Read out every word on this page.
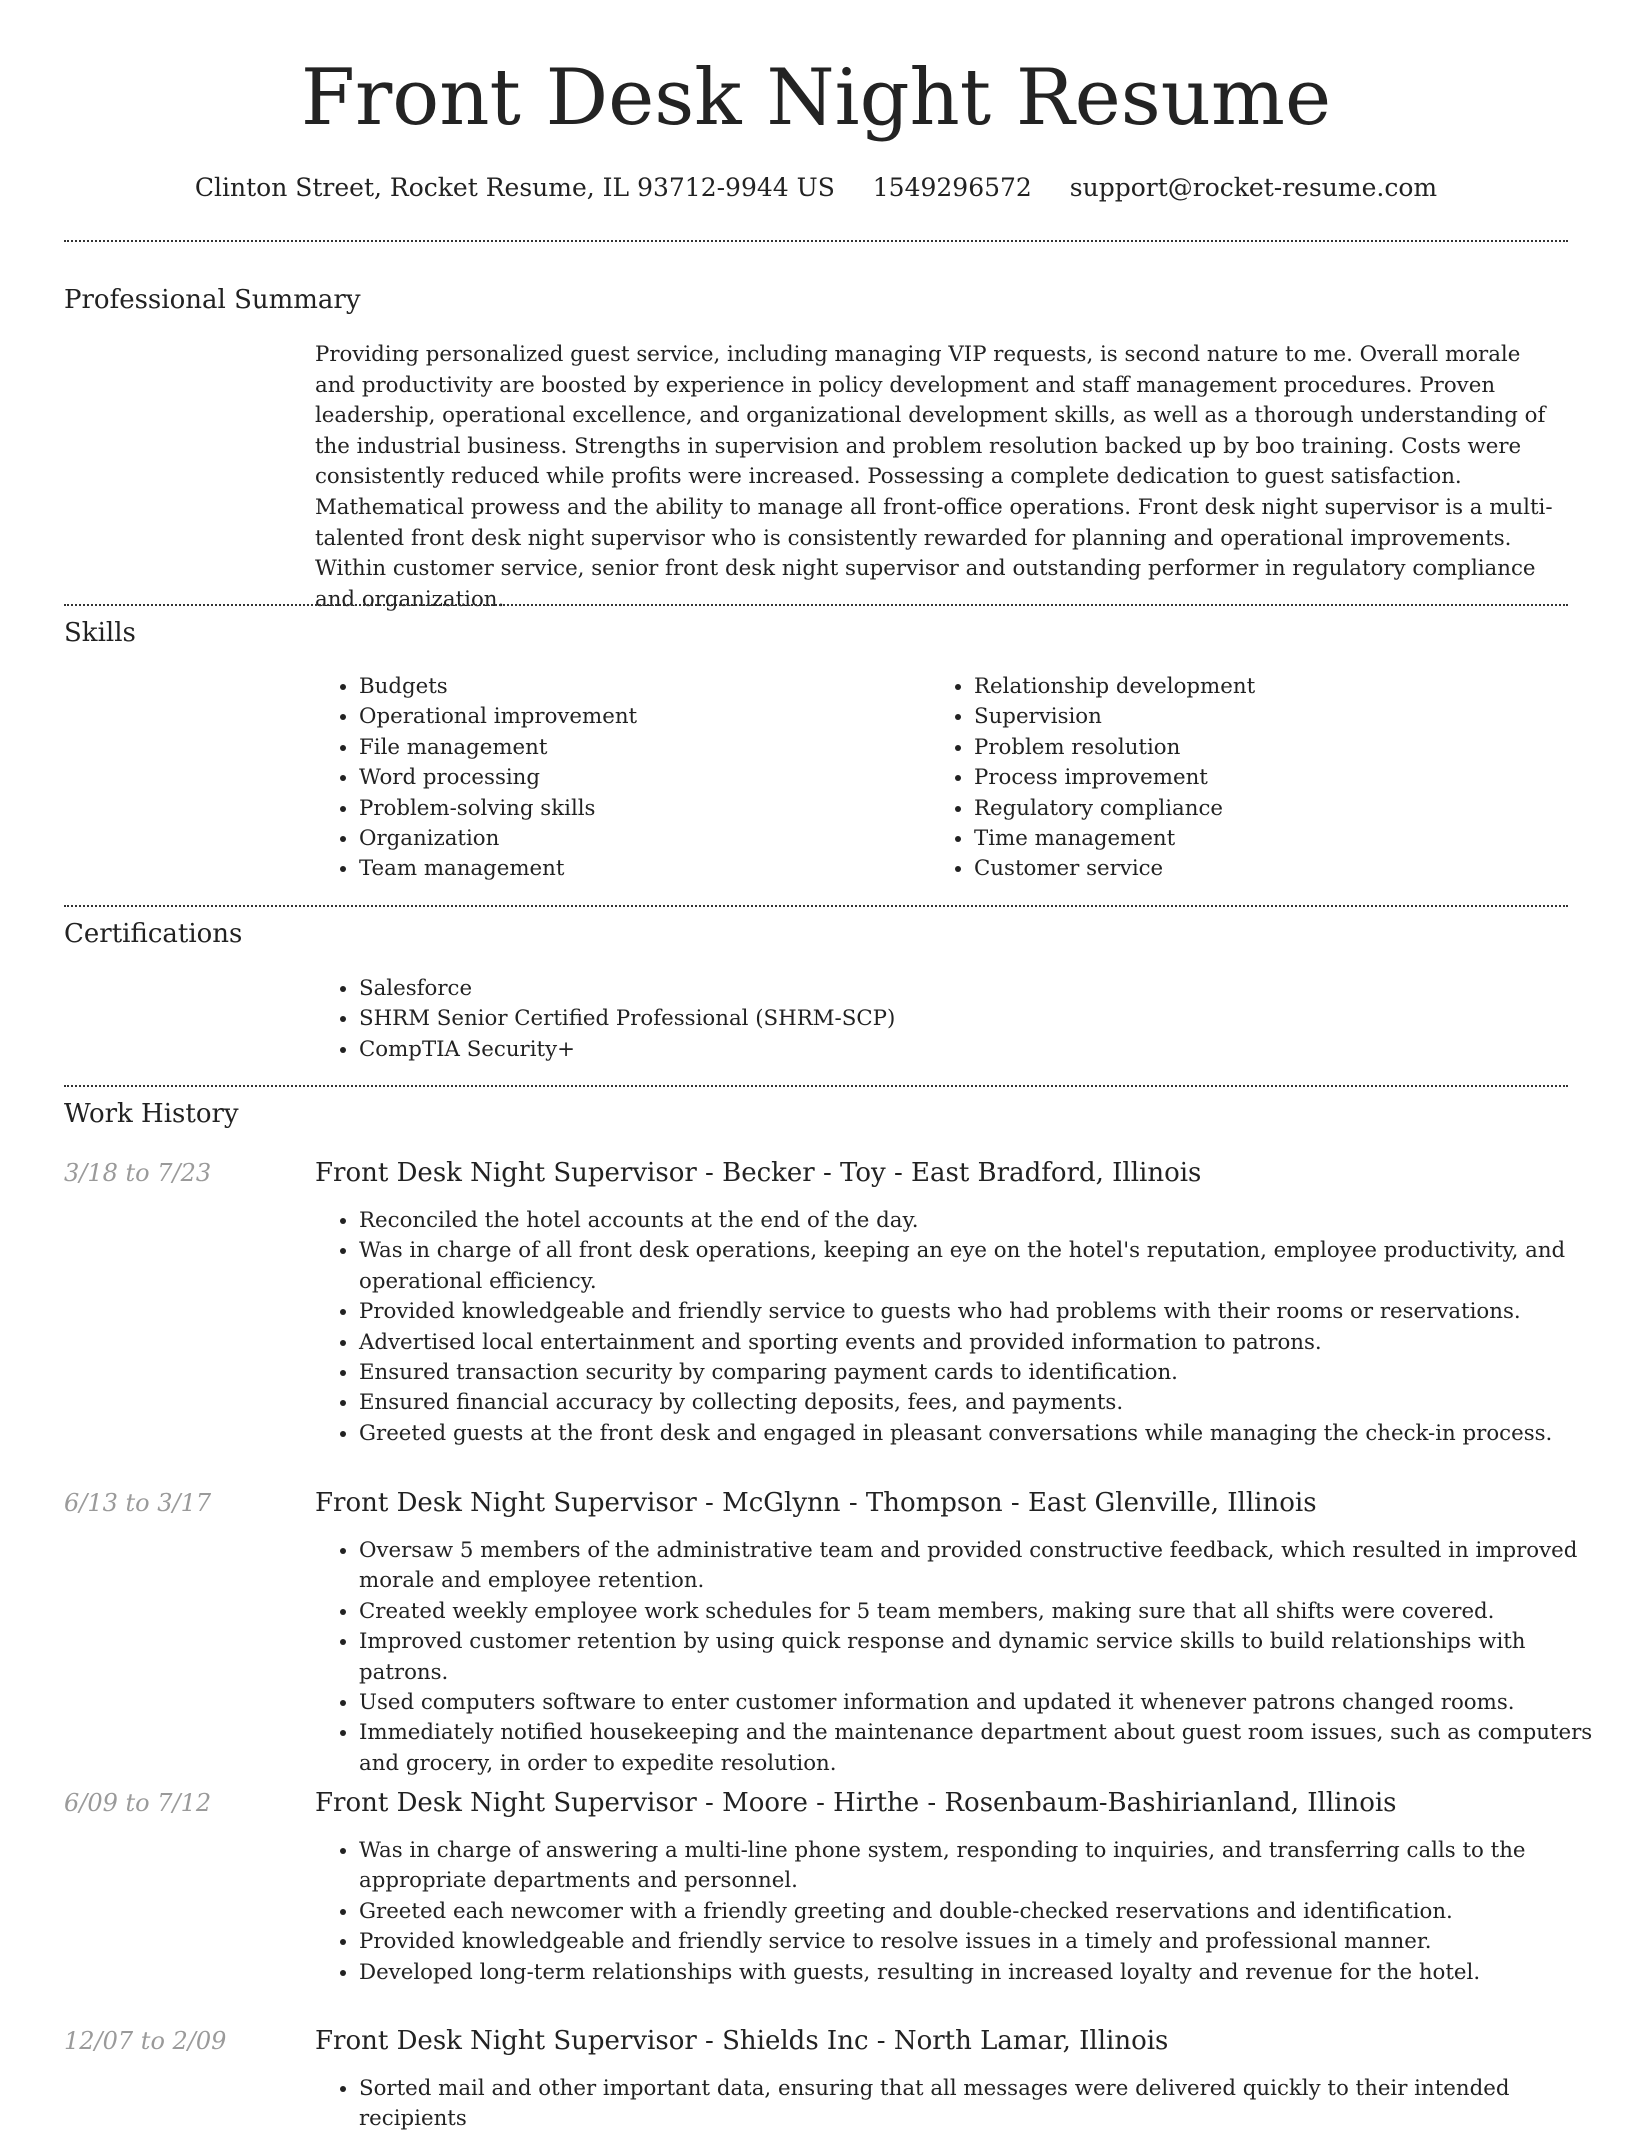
Front Desk Night Resume
Clinton Street, Rocket Resume, IL 93712-9944 US 1549296572 support@rocket-resume.com
Professional Summary

Providing personalized guest service, including managing VIP requests, is second nature to me. Overall morale and productivity are boosted by experience in policy development and staff management procedures. Proven leadership, operational excellence, and organizational development skills, as well as a thorough understanding of the industrial business. Strengths in supervision and problem resolution backed up by boo training. Costs were consistently reduced while profits were increased. Possessing a complete dedication to guest satisfaction. Mathematical prowess and the ability to manage all front-office operations. Front desk night supervisor is a multi-talented front desk night supervisor who is consistently rewarded for planning and operational improvements. Within customer service, senior front desk night supervisor and outstanding performer in regulatory compliance and organization.

Skills
• Budgets
• Operational improvement
• File management
• Word processing
• Problem-solving skills
• Organization
• Team management
• Relationship development
• Supervision
• Problem resolution
• Process improvement
• Regulatory compliance
• Time management
• Customer service
Certifications
• Salesforce
• SHRM Senior Certified Professional (SHRM-SCP)
• CompTIA Security+
Work History
3/18 to 7/23	Front Desk Night Supervisor - Becker - Toy - East Bradford, Illinois
• Reconciled the hotel accounts at the end of the day.
• Was in charge of all front desk operations, keeping an eye on the hotel's reputation, employee productivity, and operational efficiency.
• Provided knowledgeable and friendly service to guests who had problems with their rooms or reservations.
• Advertised local entertainment and sporting events and provided information to patrons.
• Ensured transaction security by comparing payment cards to identification.
• Ensured financial accuracy by collecting deposits, fees, and payments.
• Greeted guests at the front desk and engaged in pleasant conversations while managing the check-in process.
6/13 to 3/17	Front Desk Night Supervisor - McGlynn - Thompson - East Glenville, Illinois
• Oversaw 5 members of the administrative team and provided constructive feedback, which resulted in improved morale and employee retention.
• Created weekly employee work schedules for 5 team members, making sure that all shifts were covered.
• Improved customer retention by using quick response and dynamic service skills to build relationships with patrons.
• Used computers software to enter customer information and updated it whenever patrons changed rooms.
• Immediately notified housekeeping and the maintenance department about guest room issues, such as computers and grocery, in order to expedite resolution.
6/09 to 7/12	Front Desk Night Supervisor - Moore - Hirthe - Rosenbaum-Bashirianland, Illinois
• Was in charge of answering a multi-line phone system, responding to inquiries, and transferring calls to the appropriate departments and personnel.
• Greeted each newcomer with a friendly greeting and double-checked reservations and identification.
• Provided knowledgeable and friendly service to resolve issues in a timely and professional manner.
• Developed long-term relationships with guests, resulting in increased loyalty and revenue for the hotel.
12/07 to 2/09	Front Desk Night Supervisor - Shields Inc - North Lamar, Illinois
• Sorted mail and other important data, ensuring that all messages were delivered quickly to their intended recipients
